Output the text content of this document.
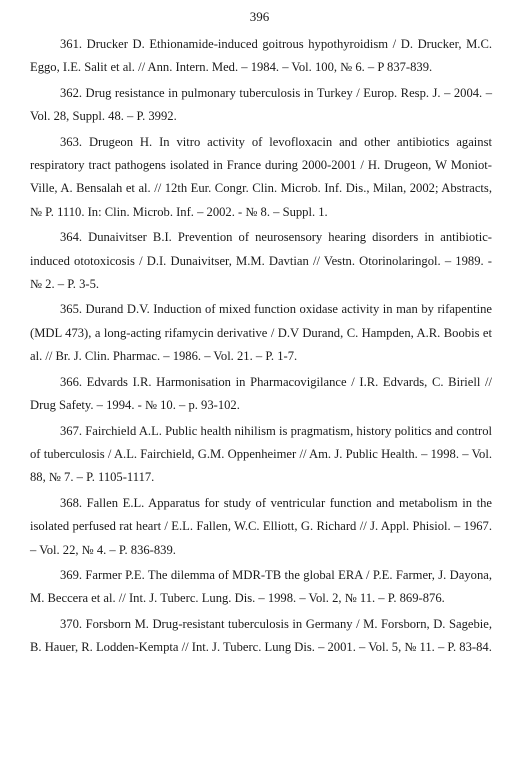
396

361. Drucker D. Ethionamide-induced goitrous hypothyroidism / D. Drucker, M.C. Eggo, I.E. Salit et al. // Ann. Intern. Med. – 1984. – Vol. 100, № 6. – P 837-839.

362. Drug resistance in pulmonary tuberculosis in Turkey / Europ. Resp. J. – 2004. – Vol. 28, Suppl. 48. – P. 3992.

363. Drugeon H. In vitro activity of levofloxacin and other antibiotics against respiratory tract pathogens isolated in France during 2000-2001 / H. Drugeon, W Moniot-Ville, A. Bensalah et al. // 12th Eur. Congr. Clin. Microb. Inf. Dis., Milan, 2002; Abstracts, № P. 1110. In: Clin. Microb. Inf. – 2002. - № 8. – Suppl. 1.

364. Dunaivitser B.I. Prevention of neurosensory hearing disorders in antibiotic-induced ototoxicosis / D.I. Dunaivitser, M.M. Davtian // Vestn. Otorinolaringol. – 1989. - № 2. – P. 3-5.

365. Durand D.V. Induction of mixed function oxidase activity in man by rifapentine (MDL 473), a long-acting rifamycin derivative / D.V Durand, C. Hampden, A.R. Boobis et al. // Br. J. Clin. Pharmac. – 1986. – Vol. 21. – P. 1-7.

366. Edvards I.R. Harmonisation in Pharmacovigilance / I.R. Edvards, C. Biriell // Drug Safety. – 1994. - № 10. – p. 93-102.

367. Fairchield A.L. Public health nihilism is pragmatism, history politics and control of tuberculosis / A.L. Fairchield, G.M. Oppenheimer // Am. J. Public Health. – 1998. – Vol. 88, № 7. – P. 1105-1117.

368. Fallen E.L. Apparatus for study of ventricular function and metabolism in the isolated perfused rat heart / E.L. Fallen, W.C. Elliott, G. Richard // J. Appl. Phisiol. – 1967. – Vol. 22, № 4. – P. 836-839.

369. Farmer P.E. The dilemma of MDR-TB the global ERA / P.E. Farmer, J. Dayona, M. Beccera et al. // Int. J. Tuberc. Lung. Dis. – 1998. – Vol. 2, № 11. – P. 869-876.

370. Forsborn M. Drug-resistant tuberculosis in Germany / M. Forsborn, D. Sagebie, B. Hauer, R. Lodden-Kempta // Int. J. Tuberc. Lung Dis. – 2001. – Vol. 5, № 11. – P. 83-84.
